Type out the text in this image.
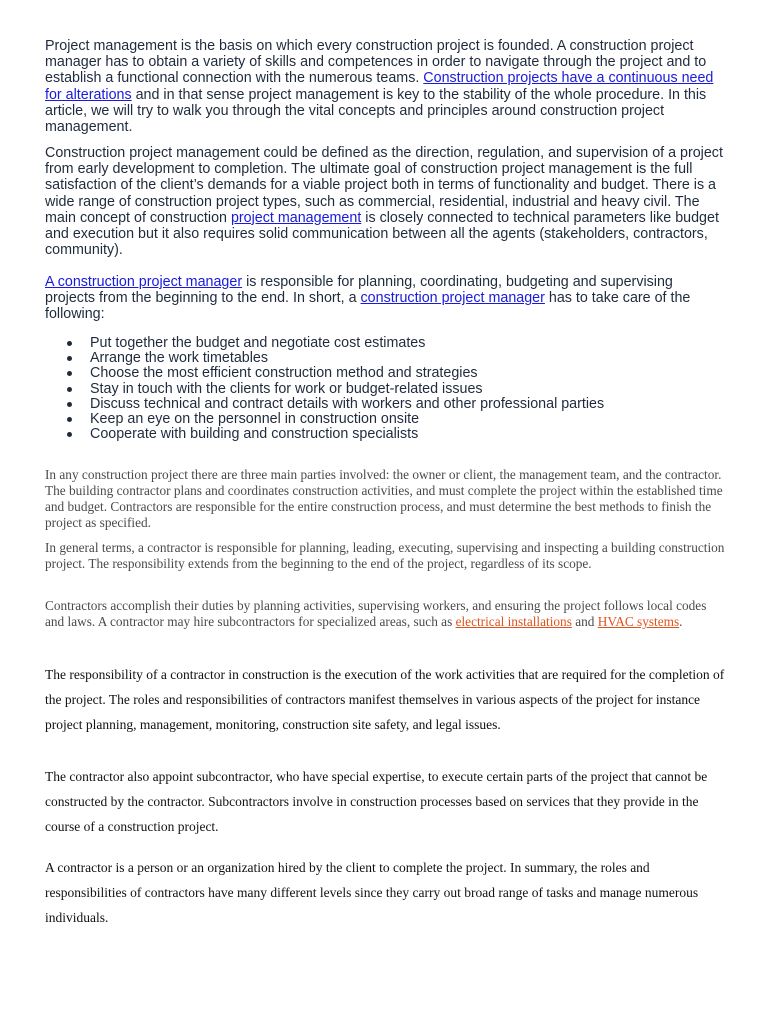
Project management is the basis on which every construction project is founded. A construction project manager has to obtain a variety of skills and competences in order to navigate through the project and to establish a functional connection with the numerous teams. Construction projects have a continuous need for alterations and in that sense project management is key to the stability of the whole procedure. In this article, we will try to walk you through the vital concepts and principles around construction project management.

Construction project management could be defined as the direction, regulation, and supervision of a project from early development to completion. The ultimate goal of construction project management is the full satisfaction of the client’s demands for a viable project both in terms of functionality and budget. There is a wide range of construction project types, such as commercial, residential, industrial and heavy civil. The main concept of construction project management is closely connected to technical parameters like budget and execution but it also requires solid communication between all the agents (stakeholders, contractors, community).

A construction project manager is responsible for planning, coordinating, budgeting and supervising projects from the beginning to the end. In short, a construction project manager has to take care of the following:

Put together the budget and negotiate cost estimates
Arrange the work timetables
Choose the most efficient construction method and strategies
Stay in touch with the clients for work or budget-related issues
Discuss technical and contract details with workers and other professional parties
Keep an eye on the personnel in construction onsite
Cooperate with building and construction specialists

In any construction project there are three main parties involved: the owner or client, the management team, and the contractor. The building contractor plans and coordinates construction activities, and must complete the project within the established time and budget. Contractors are responsible for the entire construction process, and must determine the best methods to finish the project as specified.

In general terms, a contractor is responsible for planning, leading, executing, supervising and inspecting a building construction project. The responsibility extends from the beginning to the end of the project, regardless of its scope.

Contractors accomplish their duties by planning activities, supervising workers, and ensuring the project follows local codes and laws. A contractor may hire subcontractors for specialized areas, such as electrical installations and HVAC systems.

The responsibility of a contractor in construction is the execution of the work activities that are required for the completion of the project. The roles and responsibilities of contractors manifest themselves in various aspects of the project for instance project planning, management, monitoring, construction site safety, and legal issues.

The contractor also appoint subcontractor, who have special expertise, to execute certain parts of the project that cannot be constructed by the contractor. Subcontractors involve in construction processes based on services that they provide in the course of a construction project.

A contractor is a person or an organization hired by the client to complete the project. In summary, the roles and responsibilities of contractors have many different levels since they carry out broad range of tasks and manage numerous individuals.
